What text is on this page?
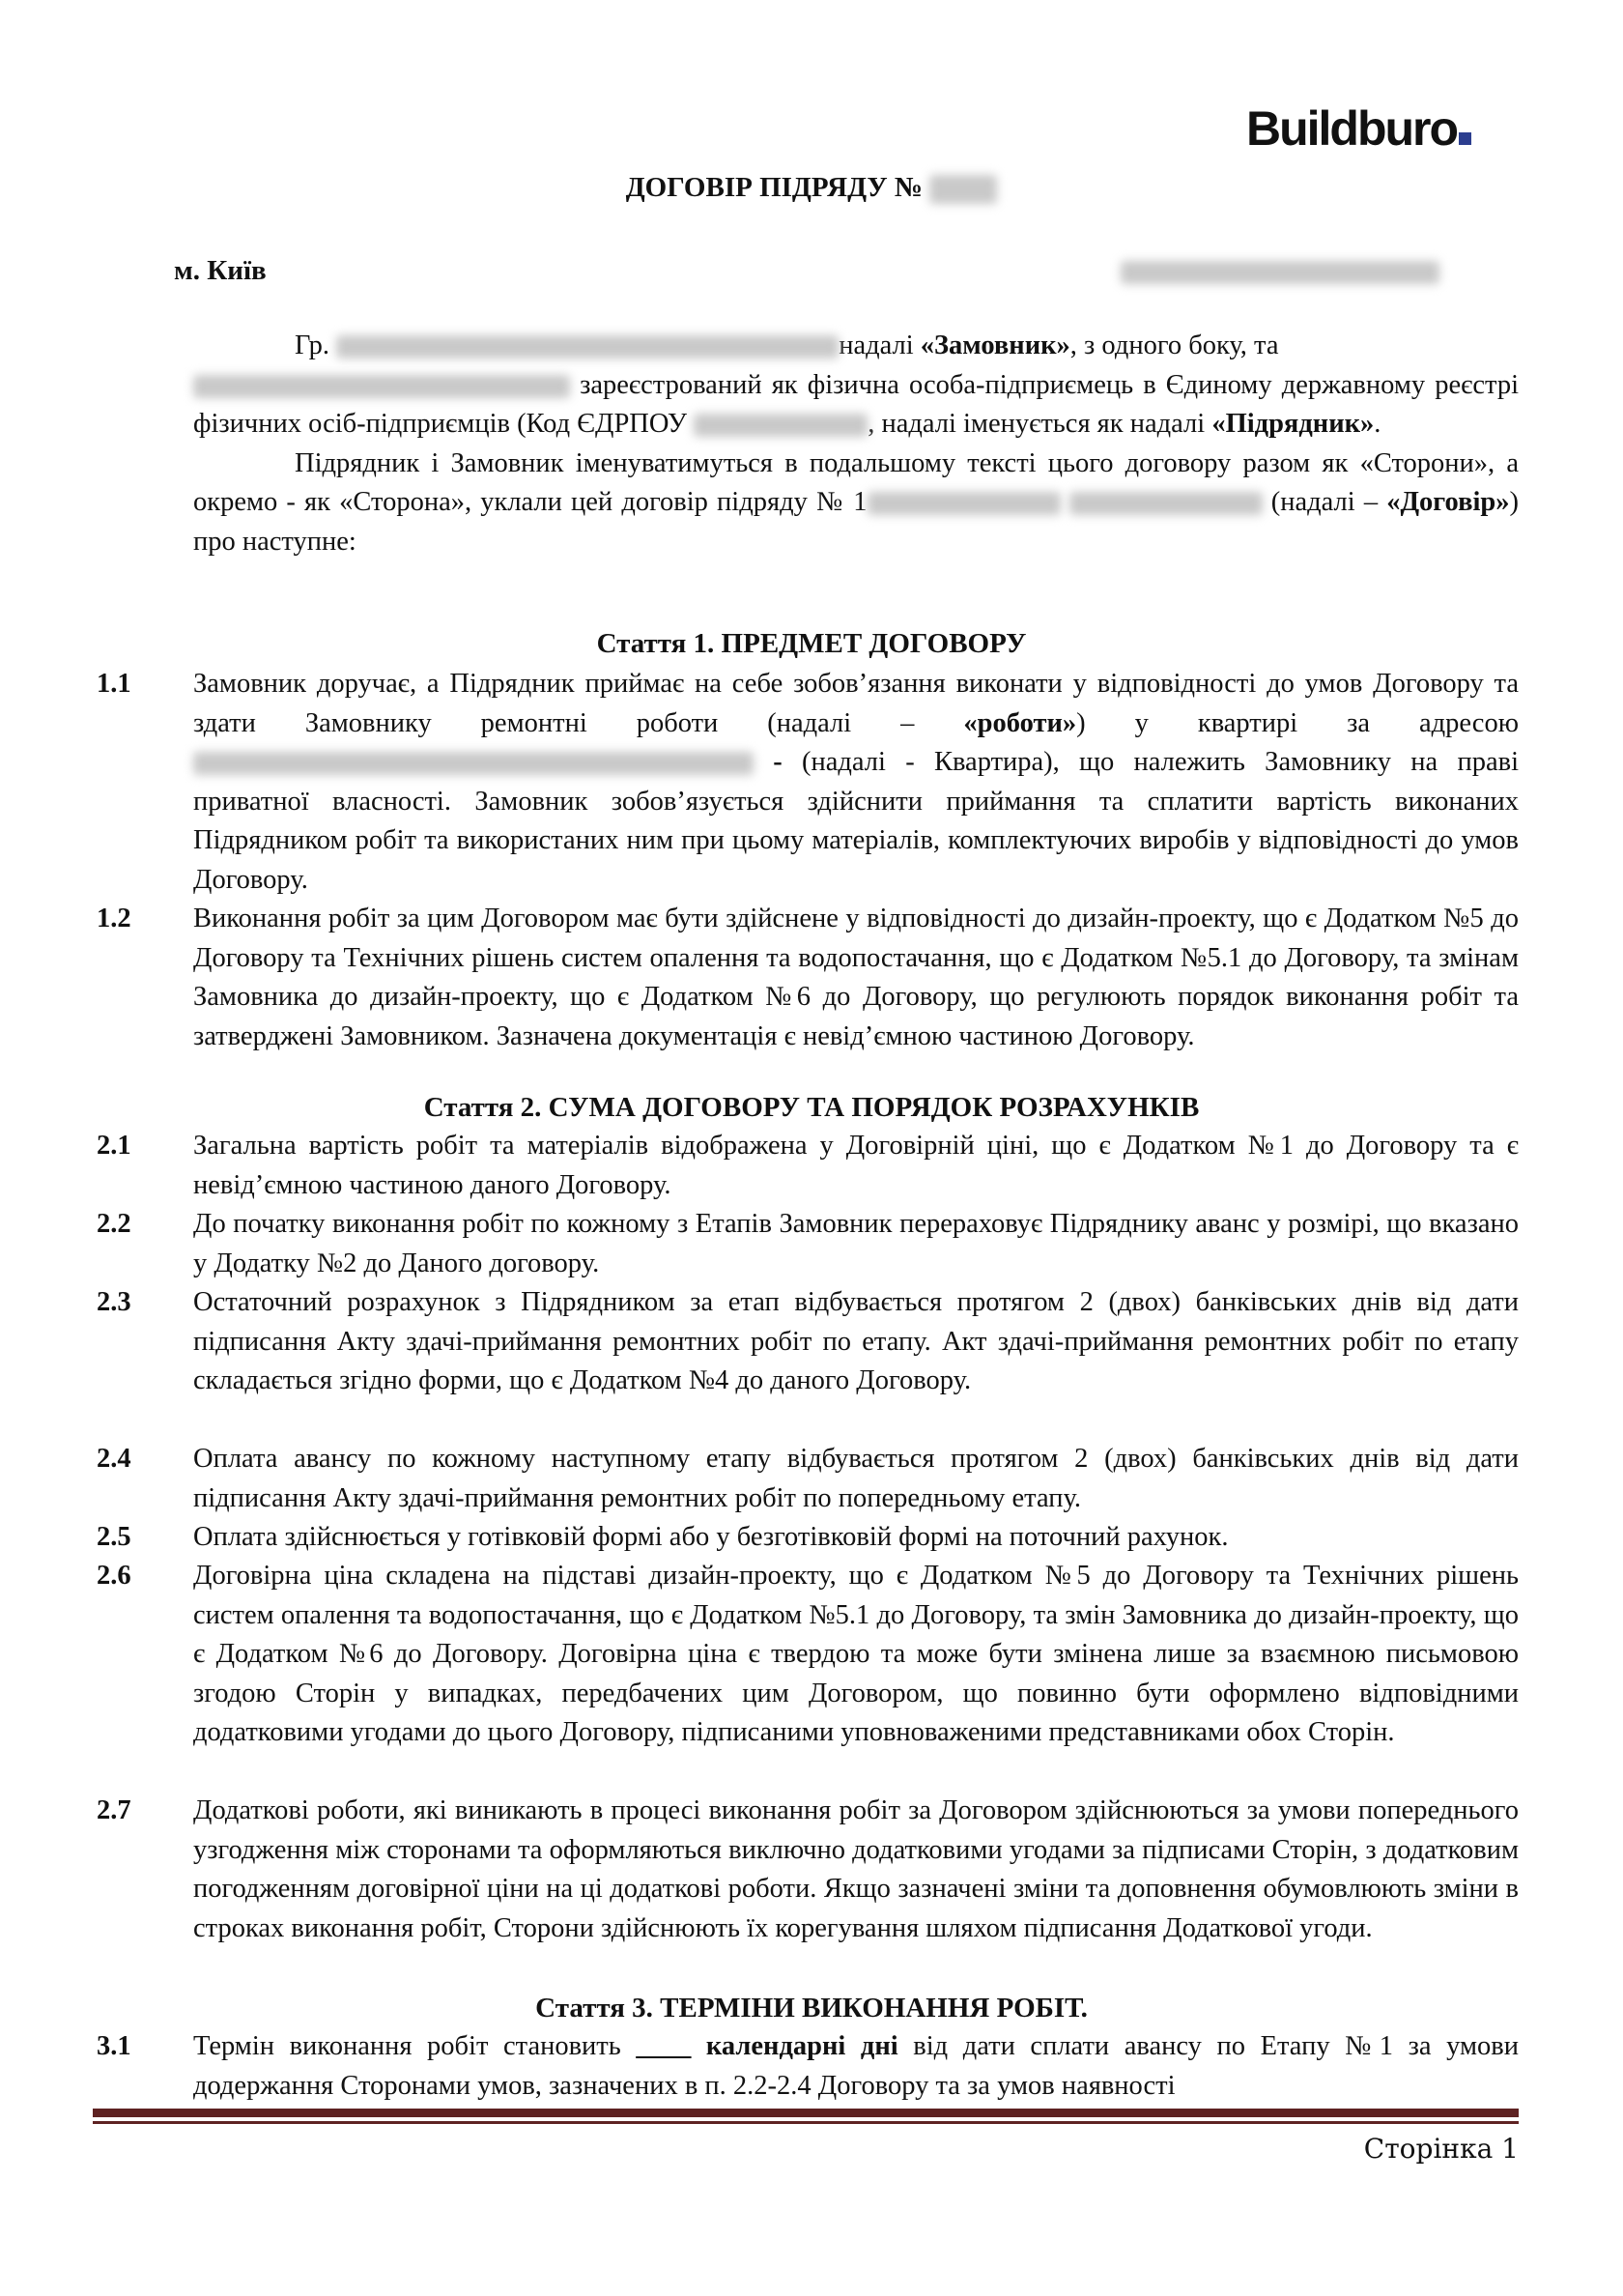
Buildburo
ДОГОВІР ПІДРЯДУ №
м. Київ

Гр.	надалі «Замовник», з одного боку, та
зареєстрований як фізична особа-підприємець в Єдиному державному реєстрі фізичних осіб-підприємців (Код ЄДРПОУ	, надалі іменується як надалі «Підрядник».

Підрядник і Замовник іменуватимуться в подальшому тексті цього договору разом як «Сторони», а окремо - як «Сторона», уклали цей договір підряду № 1	(надалі – «Договір») про наступне:

Стаття 1. ПРЕДМЕТ ДОГОВОРУ
1.1 Замовник доручає, а Підрядник приймає на себе зобов’язання виконати у відповідності до умов Договору та здати Замовнику ремонтні роботи (надалі – «роботи») у квартирі за адресою  - (надалі - Квартира), що належить Замовнику на праві приватної власності. Замовник зобов’язується здійснити приймання та сплатити вартість виконаних Підрядником робіт та використаних ним при цьому матеріалів, комплектуючих виробів у відповідності до умов Договору.
1.2 Виконання робіт за цим Договором має бути здійснене у відповідності до дизайн-проекту, що є Додатком №5 до Договору та Технічних рішень систем опалення та водопостачання, що є Додатком №5.1 до Договору, та змінам Замовника до дизайн-проекту, що є Додатком №6 до Договору, що регулюють порядок виконання робіт та затверджені Замовником. Зазначена документація є невід’ємною частиною Договору.
Стаття 2. СУМА ДОГОВОРУ ТА ПОРЯДОК РОЗРАХУНКІВ
2.1 Загальна вартість робіт та матеріалів відображена у Договірній ціні, що є Додатком №1 до Договору та є невід’ємною частиною даного Договору.
2.2 До початку виконання робіт по кожному з Етапів Замовник перераховує Підряднику аванс у розмірі, що вказано у Додатку №2 до Даного договору.
2.3 Остаточний розрахунок з Підрядником за етап відбувається протягом 2 (двох) банківських днів від дати підписання Акту здачі-приймання ремонтних робіт по етапу. Акт здачі-приймання ремонтних робіт по етапу складається згідно форми, що є Додатком №4 до даного Договору.
2.4 Оплата авансу по кожному наступному етапу відбувається протягом 2 (двох) банківських днів від дати підписання Акту здачі-приймання ремонтних робіт по попередньому етапу.
2.5 Оплата здійснюється у готівковій формі або у безготівковій формі на поточний рахунок.
2.6 Договірна ціна складена на підставі дизайн-проекту, що є Додатком №5 до Договору та Технічних рішень систем опалення та водопостачання, що є Додатком №5.1 до Договору, та змін Замовника до дизайн-проекту, що є Додатком №6 до Договору. Договірна ціна є твердою та може бути змінена лише за взаємною письмовою згодою Сторін у випадках, передбачених цим Договором, що повинно бути оформлено відповідними додатковими угодами до цього Договору, підписаними уповноваженими представниками обох Сторін.
2.7 Додаткові роботи, які виникають в процесі виконання робіт за Договором здійснюються за умови попереднього узгодження між сторонами та оформляються виключно додатковими угодами за підписами Сторін, з додатковим погодженням договірної ціни на ці додаткові роботи. Якщо зазначені зміни та доповнення обумовлюють зміни в строках виконання робіт, Сторони здійснюють їх корегування шляхом підписання Додаткової угоди.
Стаття 3. ТЕРМІНИ ВИКОНАННЯ РОБІТ.
3.1 Термін виконання робіт становить ____ календарні дні від дати сплати авансу по Етапу №1 за умови додержання Сторонами умов, зазначених в п. 2.2-2.4 Договору та за умов наявності
Сторінка 1
